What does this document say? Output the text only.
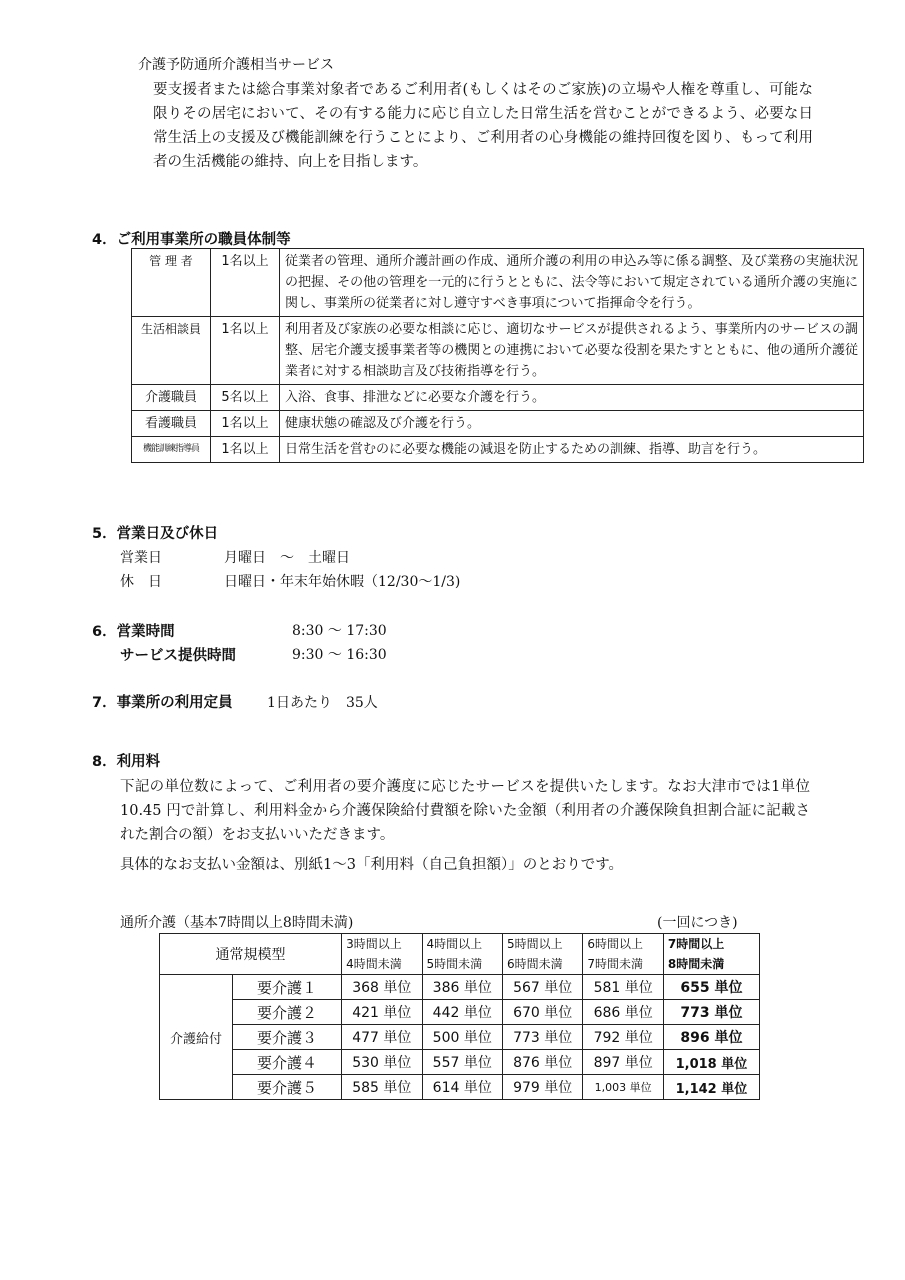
介護予防通所介護相当サービス
要支援者または総合事業対象者であるご利用者(もしくはそのご家族)の立場や人権を尊重し、可能な限りその居宅において、その有する能力に応じ自立した日常生活を営むことができるよう、必要な日常生活上の支援及び機能訓練を行うことにより、ご利用者の心身機能の維持回復を図り、もって利用者の生活機能の維持、向上を目指します。
4．ご利用事業所の職員体制等
管 理 者	1名以上	従業者の管理、通所介護計画の作成、通所介護の利用の申込み等に係る調整、及び業務の実施状況の把握、その他の管理を一元的に行うとともに、法令等において規定されている通所介護の実施に関し、事業所の従業者に対し遵守すべき事項について指揮命令を行う。
生活相談員	1名以上	利用者及び家族の必要な相談に応じ、適切なサービスが提供されるよう、事業所内のサービスの調整、居宅介護支援事業者等の機関との連携において必要な役割を果たすとともに、他の通所介護従業者に対する相談助言及び技術指導を行う。
介護職員	5名以上	入浴、食事、排泄などに必要な介護を行う。
看護職員	1名以上	健康状態の確認及び介護を行う。
機能訓練指導員	1名以上	日常生活を営むのに必要な機能の減退を防止するための訓練、指導、助言を行う。
5．営業日及び休日
営業日	月曜日　～　土曜日
休　日	日曜日・年末年始休暇（12/30～1/3)
6．営業時間	8:30 ～ 17:30
サービス提供時間	9:30 ～ 16:30
7．事業所の利用定員 1日あたり　35人
8．利用料
下記の単位数によって、ご利用者の要介護度に応じたサービスを提供いたします。なお大津市では1単位 10.45 円で計算し、利用料金から介護保険給付費額を除いた金額（利用者の介護保険負担割合証に記載された割合の額）をお支払いいただきます。
具体的なお支払い金額は、別紙1～3「利用料（自己負担額）」のとおりです。
通所介護（基本7時間以上8時間未満)	(一回につき)
通常規模型		3時間以上	4時間以上	5時間以上	6時間以上	7時間以上
		4時間未満	5時間未満	6時間未満	7時間未満	8時間未満
介護給付	要介護１	368 単位	386 単位	567 単位	581 単位	655 単位
	要介護２	421 単位	442 単位	670 単位	686 単位	773 単位
	要介護３	477 単位	500 単位	773 単位	792 単位	896 単位
	要介護４	530 単位	557 単位	876 単位	897 単位	1,018 単位
	要介護５	585 単位	614 単位	979 単位	1,003 単位	1,142 単位
